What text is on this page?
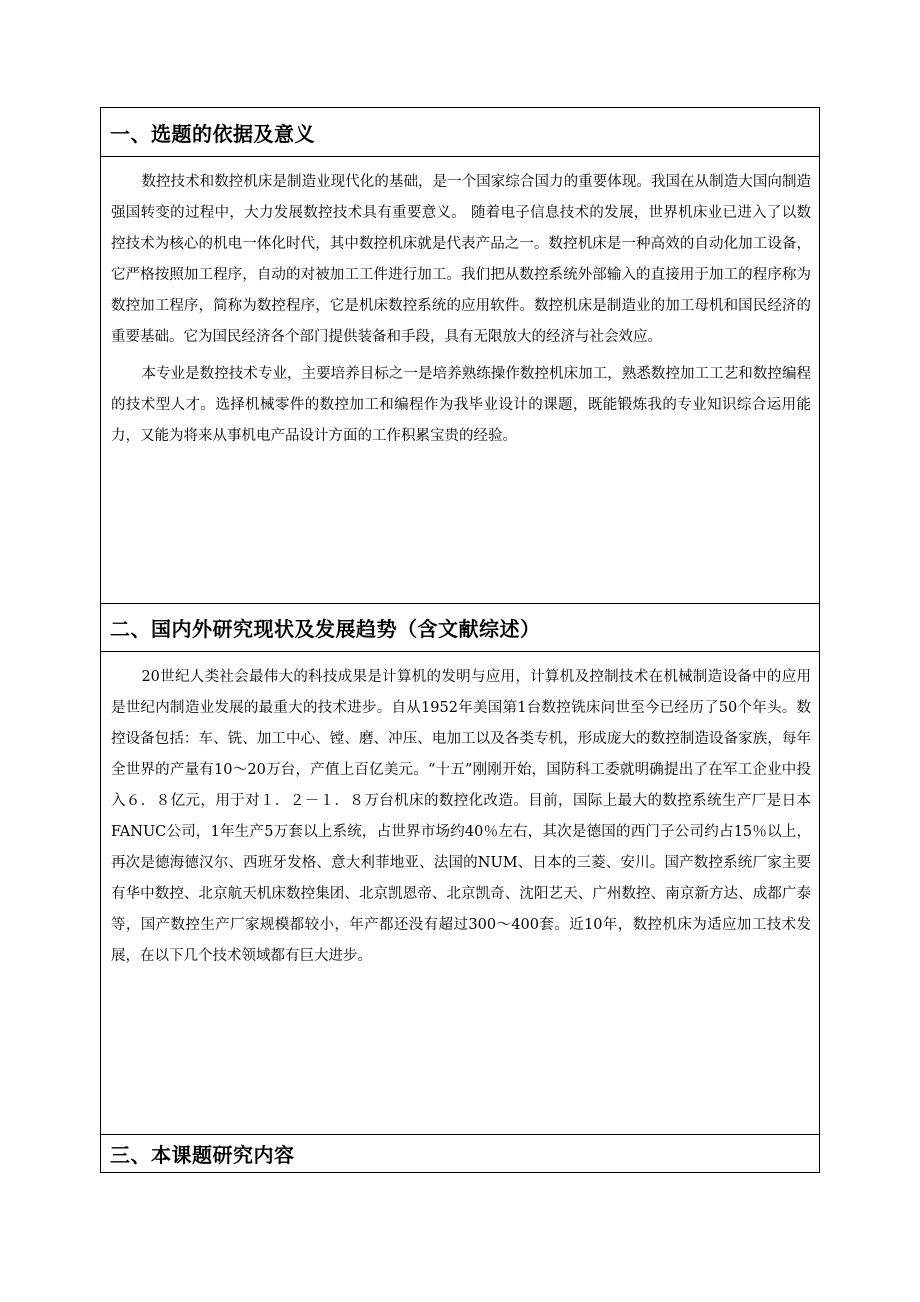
一、选题的依据及意义

数控技术和数控机床是制造业现代化的基础，是一个国家综合国力的重要体现。我国在从制造大国向制造强国转变的过程中，大力发展数控技术具有重要意义。 随着电子信息技术的发展，世界机床业已进入了以数控技术为核心的机电一体化时代，其中数控机床就是代表产品之一。数控机床是一种高效的自动化加工设备，它严格按照加工程序，自动的对被加工工件进行加工。我们把从数控系统外部输入的直接用于加工的程序称为数控加工程序，简称为数控程序，它是机床数控系统的应用软件。数控机床是制造业的加工母机和国民经济的重要基础。它为国民经济各个部门提供装备和手段，具有无限放大的经济与社会效应。

本专业是数控技术专业，主要培养目标之一是培养熟练操作数控机床加工，熟悉数控加工工艺和数控编程的技术型人才。选择机械零件的数控加工和编程作为我毕业设计的课题，既能锻炼我的专业知识综合运用能力，又能为将来从事机电产品设计方面的工作积累宝贵的经验。

二、国内外研究现状及发展趋势（含文献综述）

20世纪人类社会最伟大的科技成果是计算机的发明与应用，计算机及控制技术在机械制造设备中的应用是世纪内制造业发展的最重大的技术进步。自从1952年美国第1台数控铣床问世至今已经历了50个年头。数控设备包括：车、铣、加工中心、镗、磨、冲压、电加工以及各类专机，形成庞大的数控制造设备家族，每年全世界的产量有10～20万台，产值上百亿美元。“十五”刚刚开始，国防科工委就明确提出了在军工企业中投入６．８亿元，用于对１．２－１．８万台机床的数控化改造。目前，国际上最大的数控系统生产厂是日本FANUC公司，1年生产5万套以上系统，占世界市场约40％左右，其次是德国的西门子公司约占15％以上，再次是德海德汉尔、西班牙发格、意大利菲地亚、法国的NUM、日本的三菱、安川。国产数控系统厂家主要有华中数控、北京航天机床数控集团、北京凯恩帝、北京凯奇、沈阳艺天、广州数控、南京新方达、成都广泰等，国产数控生产厂家规模都较小，年产都还没有超过300～400套。近10年，数控机床为适应加工技术发展，在以下几个技术领域都有巨大进步。

三、本课题研究内容
